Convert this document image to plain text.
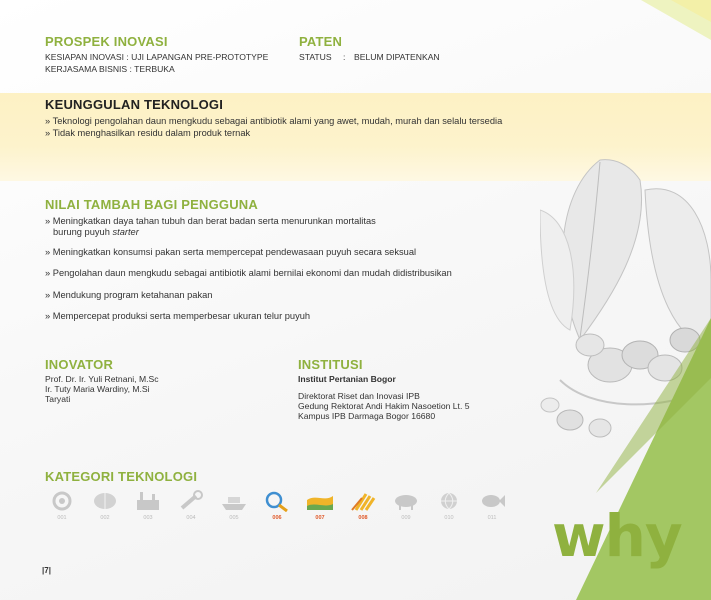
PROSPEK INOVASI
KESIAPAN INOVASI : UJI LAPANGAN PRE-PROTOTYPE
KERJASAMA BISNIS : TERBUKA
PATEN
STATUS : BELUM DIPATENKAN
KEUNGGULAN TEKNOLOGI
» Teknologi pengolahan daun mengkudu sebagai antibiotik alami yang awet, mudah, murah dan selalu tersedia
» Tidak menghasilkan residu dalam produk ternak
why
NILAI TAMBAH BAGI PENGGUNA
» Meningkatkan daya tahan tubuh dan berat badan serta menurunkan mortalitas
burung puyuh starter
» Meningkatkan konsumsi pakan serta mempercepat pendewasaan puyuh secara seksual
» Pengolahan daun mengkudu sebagai antibiotik alami bernilai ekonomi dan mudah didistribusikan
» Mendukung program ketahanan pakan
» Mempercepat produksi serta memperbesar ukuran telur puyuh
INOVATOR
Prof. Dr. Ir. Yuli Retnani, M.Sc
Ir. Tuty Maria Wardiny, M.Si
Taryati
INSTITUSI
Institut Pertanian Bogor
Direktorat Riset dan Inovasi IPB
Gedung Rektorat Andi Hakim Nasoetion Lt. 5
Kampus IPB Darmaga Bogor 16680
KATEGORI TEKNOLOGI
001	002	003	004	005	006	007	008	009	010	011
|7|
